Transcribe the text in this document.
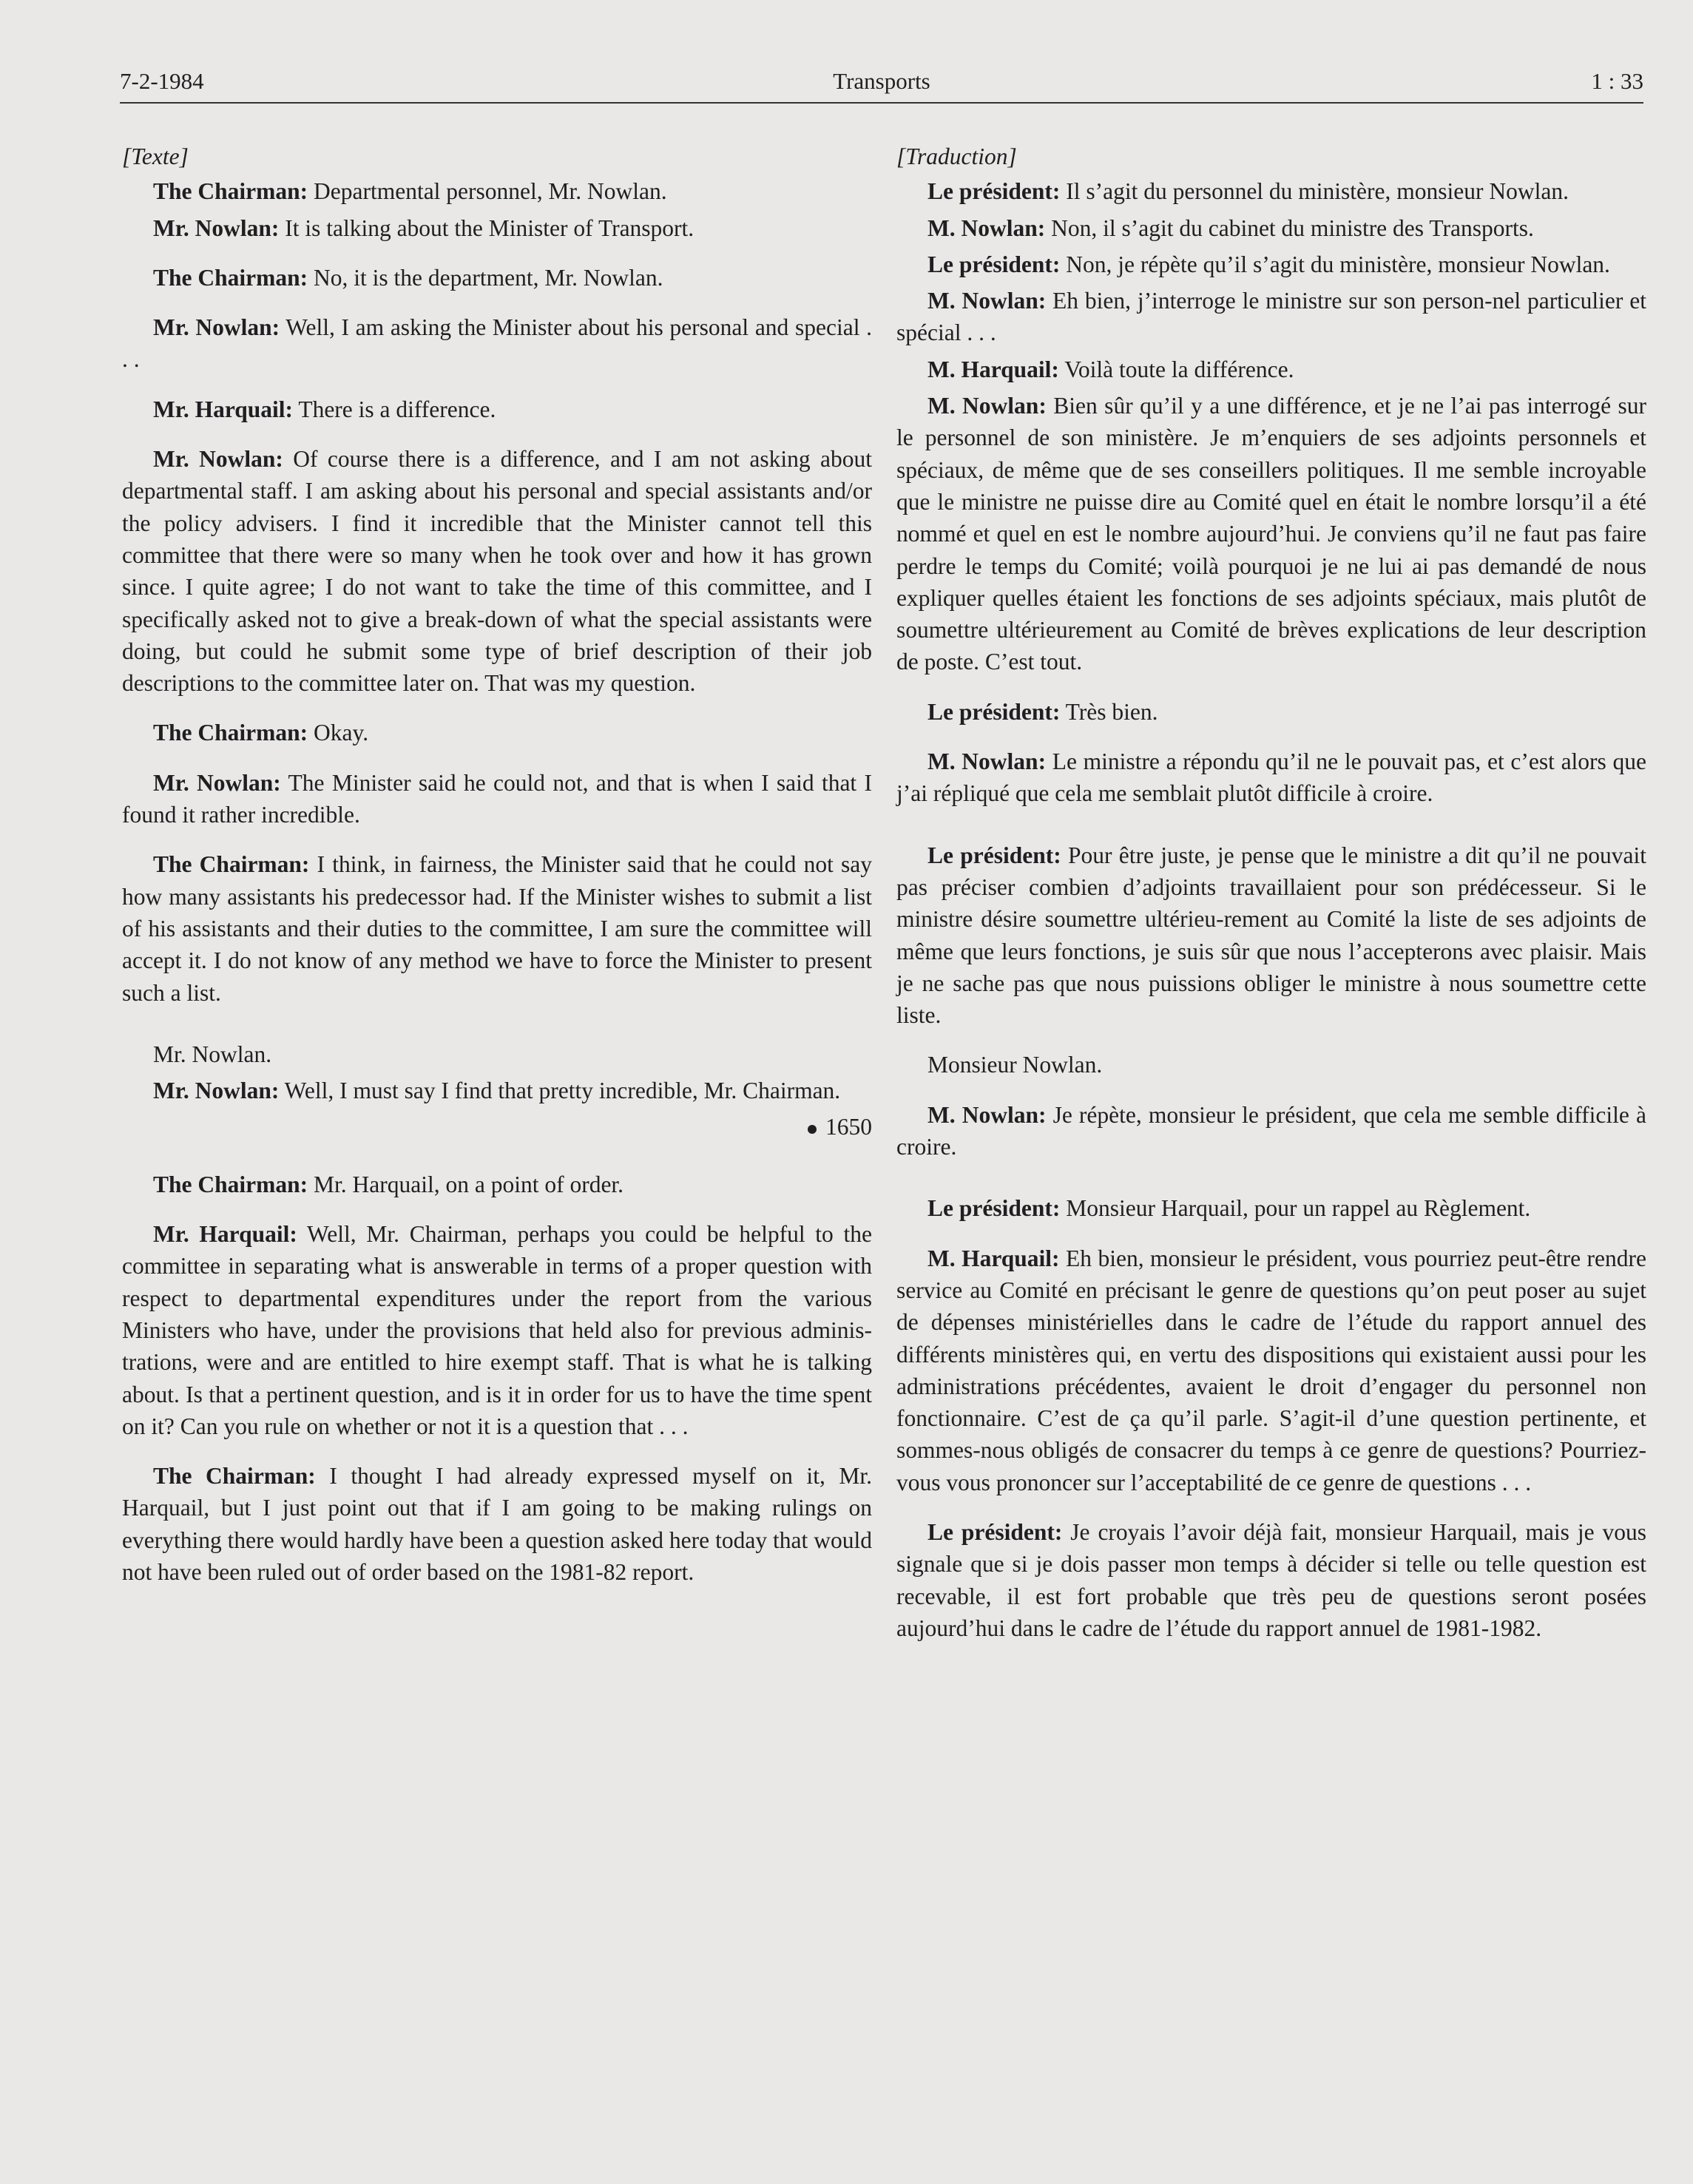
7-2-1984	Transports	1 : 33

[Texte]

The Chairman: Departmental personnel, Mr. Nowlan.

Mr. Nowlan: It is talking about the Minister of Transport.

The Chairman: No, it is the department, Mr. Nowlan.

Mr. Nowlan: Well, I am asking the Minister about his personal and special . . .

Mr. Harquail: There is a difference.

Mr. Nowlan: Of course there is a difference, and I am not asking about departmental staff. I am asking about his personal and special assistants and/or the policy advisers. I find it incredible that the Minister cannot tell this committee that there were so many when he took over and how it has grown since. I quite agree; I do not want to take the time of this committee, and I specifically asked not to give a break-down of what the special assistants were doing, but could he submit some type of brief description of their job descriptions to the committee later on. That was my question.

The Chairman: Okay.

Mr. Nowlan: The Minister said he could not, and that is when I said that I found it rather incredible.

The Chairman: I think, in fairness, the Minister said that he could not say how many assistants his predecessor had. If the Minister wishes to submit a list of his assistants and their duties to the committee, I am sure the committee will accept it. I do not know of any method we have to force the Minister to present such a list.

Mr. Nowlan.

Mr. Nowlan: Well, I must say I find that pretty incredible, Mr. Chairman.

1650

The Chairman: Mr. Harquail, on a point of order.

Mr. Harquail: Well, Mr. Chairman, perhaps you could be helpful to the committee in separating what is answerable in terms of a proper question with respect to departmental expenditures under the report from the various Ministers who have, under the provisions that held also for previous adminis-trations, were and are entitled to hire exempt staff. That is what he is talking about. Is that a pertinent question, and is it in order for us to have the time spent on it? Can you rule on whether or not it is a question that . . .

The Chairman: I thought I had already expressed myself on it, Mr. Harquail, but I just point out that if I am going to be making rulings on everything there would hardly have been a question asked here today that would not have been ruled out of order based on the 1981-82 report.

[Traduction]

Le président: Il s’agit du personnel du ministère, monsieur Nowlan.

M. Nowlan: Non, il s’agit du cabinet du ministre des Transports.

Le président: Non, je répète qu’il s’agit du ministère, monsieur Nowlan.

M. Nowlan: Eh bien, j’interroge le ministre sur son person-nel particulier et spécial . . .

M. Harquail: Voilà toute la différence.

M. Nowlan: Bien sûr qu’il y a une différence, et je ne l’ai pas interrogé sur le personnel de son ministère. Je m’enquiers de ses adjoints personnels et spéciaux, de même que de ses conseillers politiques. Il me semble incroyable que le ministre ne puisse dire au Comité quel en était le nombre lorsqu’il a été nommé et quel en est le nombre aujourd’hui. Je conviens qu’il ne faut pas faire perdre le temps du Comité; voilà pourquoi je ne lui ai pas demandé de nous expliquer quelles étaient les fonctions de ses adjoints spéciaux, mais plutôt de soumettre ultérieurement au Comité de brèves explications de leur description de poste. C’est tout.

Le président: Très bien.

M. Nowlan: Le ministre a répondu qu’il ne le pouvait pas, et c’est alors que j’ai répliqué que cela me semblait plutôt difficile à croire.

Le président: Pour être juste, je pense que le ministre a dit qu’il ne pouvait pas préciser combien d’adjoints travaillaient pour son prédécesseur. Si le ministre désire soumettre ultérieu-rement au Comité la liste de ses adjoints de même que leurs fonctions, je suis sûr que nous l’accepterons avec plaisir. Mais je ne sache pas que nous puissions obliger le ministre à nous soumettre cette liste.

Monsieur Nowlan.

M. Nowlan: Je répète, monsieur le président, que cela me semble difficile à croire.

Le président: Monsieur Harquail, pour un rappel au Règlement.

M. Harquail: Eh bien, monsieur le président, vous pourriez peut-être rendre service au Comité en précisant le genre de questions qu’on peut poser au sujet de dépenses ministérielles dans le cadre de l’étude du rapport annuel des différents ministères qui, en vertu des dispositions qui existaient aussi pour les administrations précédentes, avaient le droit d’engager du personnel non fonctionnaire. C’est de ça qu’il parle. S’agit-il d’une question pertinente, et sommes-nous obligés de consacrer du temps à ce genre de questions? Pourriez-vous vous prononcer sur l’acceptabilité de ce genre de questions . . .

Le président: Je croyais l’avoir déjà fait, monsieur Harquail, mais je vous signale que si je dois passer mon temps à décider si telle ou telle question est recevable, il est fort probable que très peu de questions seront posées aujourd’hui dans le cadre de l’étude du rapport annuel de 1981-1982.
